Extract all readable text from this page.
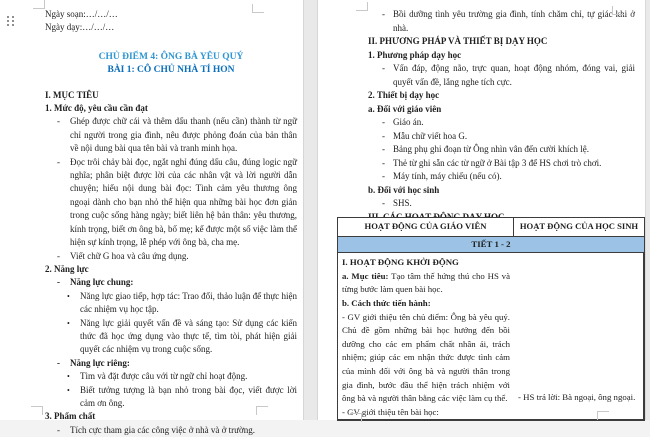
Ngày soạn:…/…/…

Ngày dạy:…/…/…

CHỦ ĐIỂM 4: ÔNG BÀ YÊU QUÝ

BÀI 1: CÔ CHỦ NHÀ TÍ HON

I. MỤC TIÊU

1. Mức độ, yêu cầu cần đạt

- Ghép được chữ cái và thêm dấu thanh (nếu cần) thành từ ngữ chỉ người trong gia đình, nêu được phỏng đoán của bản thân về nội dung bài qua tên bài và tranh minh họa.
- Đọc trôi chảy bài đọc, ngắt nghỉ đúng dấu câu, đúng logic ngữ nghĩa; phân biệt được lời của các nhân vật và lời người dẫn chuyện; hiểu nội dung bài đọc: Tình cảm yêu thương ông ngoại dành cho bạn nhỏ thể hiện qua những bài học đơn giản trong cuộc sống hàng ngày; biết liên hệ bản thân: yêu thương, kính trọng, biết ơn ông bà, bố mẹ; kể được một số việc làm thể hiện sự kính trọng, lễ phép với ông bà, cha mẹ.
- Viết chữ G hoa và câu ứng dụng.

2. Năng lực

- Năng lực chung:
• Năng lực giao tiếp, hợp tác: Trao đổi, thảo luận để thực hiện các nhiệm vụ học tập.
• Năng lực giải quyết vấn đề và sáng tạo: Sử dụng các kiến thức đã học ứng dụng vào thực tế, tìm tòi, phát hiện giải quyết các nhiệm vụ trong cuộc sống.
- Năng lực riêng:
• Tìm và đặt được câu với từ ngữ chỉ hoạt động.
• Biết tưởng tượng là bạn nhỏ trong bài đọc, viết được lời cảm ơn ông.

3. Phẩm chất

- Tích cực tham gia các công việc ở nhà và ở trường.
- Bồi dưỡng tình yêu trường gia đình, tính chăm chỉ, tự giác khi ở nhà.

II. PHƯƠNG PHÁP VÀ THIẾT BỊ DẠY HỌC

1. Phương pháp dạy học

- Vấn đáp, động não, trực quan, hoạt động nhóm, đóng vai, giải quyết vấn đề, lắng nghe tích cực.

2. Thiết bị dạy học

a. Đối với giáo viên

- Giáo án.
- Mẫu chữ viết hoa G.
- Bảng phụ ghi đoạn từ Ông nhìn vân đến cười khích lệ.
- Thẻ từ ghi sẵn các từ ngữ ở Bài tập 3 để HS chơi trò chơi.
- Máy tính, máy chiếu (nếu có).

b. Đối với học sinh

- SHS.

HOẠT ĐỘNG CỦA GIÁO VIÊN	HOẠT ĐỘNG CỦA HỌC SINH
TIẾT 1 - 2

I. HOẠT ĐỘNG KHỞI ĐỘNG

a. Mục tiêu: Tạo tâm thế hứng thú cho HS và từng bước làm quen bài học.

b. Cách thức tiến hành:

- GV giới thiệu tên chủ điểm: Ông bà yêu quý. Chủ đề gồm những bài học hướng đến bồi dưỡng cho các em phẩm chất nhân ái, trách nhiệm; giúp các em nhận thức được tình cảm của mình đối với ông bà và người thân trong gia đình, bước đầu thể hiện trách nhiệm với ông bà và người thân bằng các việc làm cụ thể.

- GV giới thiệu tên bài học:

- HS trả lời: Bà ngoại, ông ngoại.
